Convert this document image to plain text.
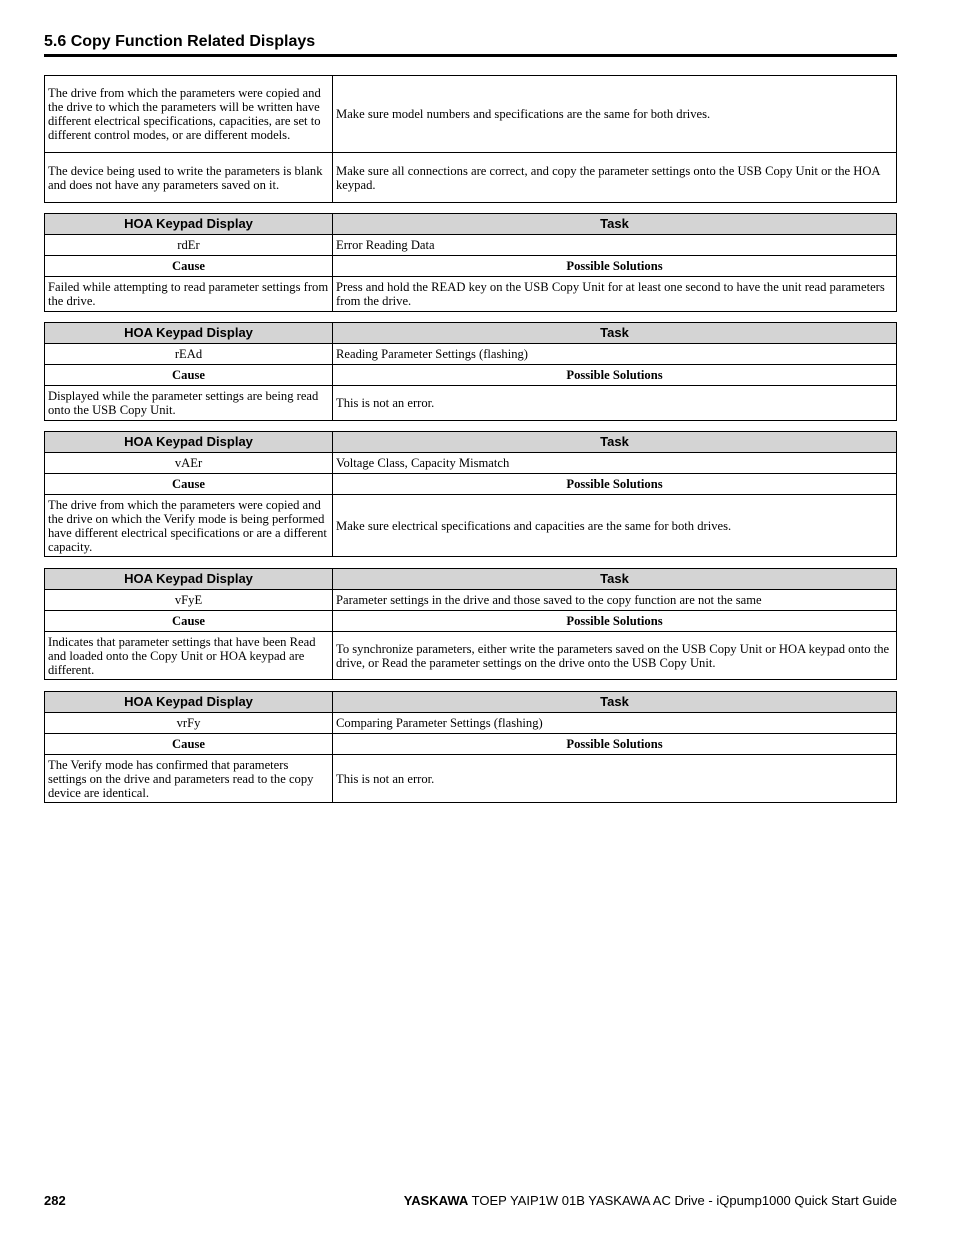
5.6 Copy Function Related Displays
The drive from which the parameters were copied and the drive to which the parameters will be written have different electrical specifications, capacities, are set to different control modes, or are different models.	Make sure model numbers and specifications are the same for both drives.
The device being used to write the parameters is blank and does not have any parameters saved on it.	Make sure all connections are correct, and copy the parameter settings onto the USB Copy Unit or the HOA keypad.
HOA Keypad Display	Task
rdEr	Error Reading Data
Cause	Possible Solutions
Failed while attempting to read parameter settings from the drive.	Press and hold the READ key on the USB Copy Unit for at least one second to have the unit read parameters from the drive.
HOA Keypad Display	Task
rEAd	Reading Parameter Settings (flashing)
Cause	Possible Solutions
Displayed while the parameter settings are being read onto the USB Copy Unit.	This is not an error.
HOA Keypad Display	Task
vAEr	Voltage Class, Capacity Mismatch
Cause	Possible Solutions
The drive from which the parameters were copied and the drive on which the Verify mode is being performed have different electrical specifications or are a different capacity.	Make sure electrical specifications and capacities are the same for both drives.
HOA Keypad Display	Task
vFyE	Parameter settings in the drive and those saved to the copy function are not the same
Cause	Possible Solutions
Indicates that parameter settings that have been Read and loaded onto the Copy Unit or HOA keypad are different.	To synchronize parameters, either write the parameters saved on the USB Copy Unit or HOA keypad onto the drive, or Read the parameter settings on the drive onto the USB Copy Unit.
HOA Keypad Display	Task
vrFy	Comparing Parameter Settings (flashing)
Cause	Possible Solutions
The Verify mode has confirmed that parameters settings on the drive and parameters read to the copy device are identical.	This is not an error.
282	YASKAWA TOEP YAIP1W 01B YASKAWA AC Drive - iQpump1000 Quick Start Guide
